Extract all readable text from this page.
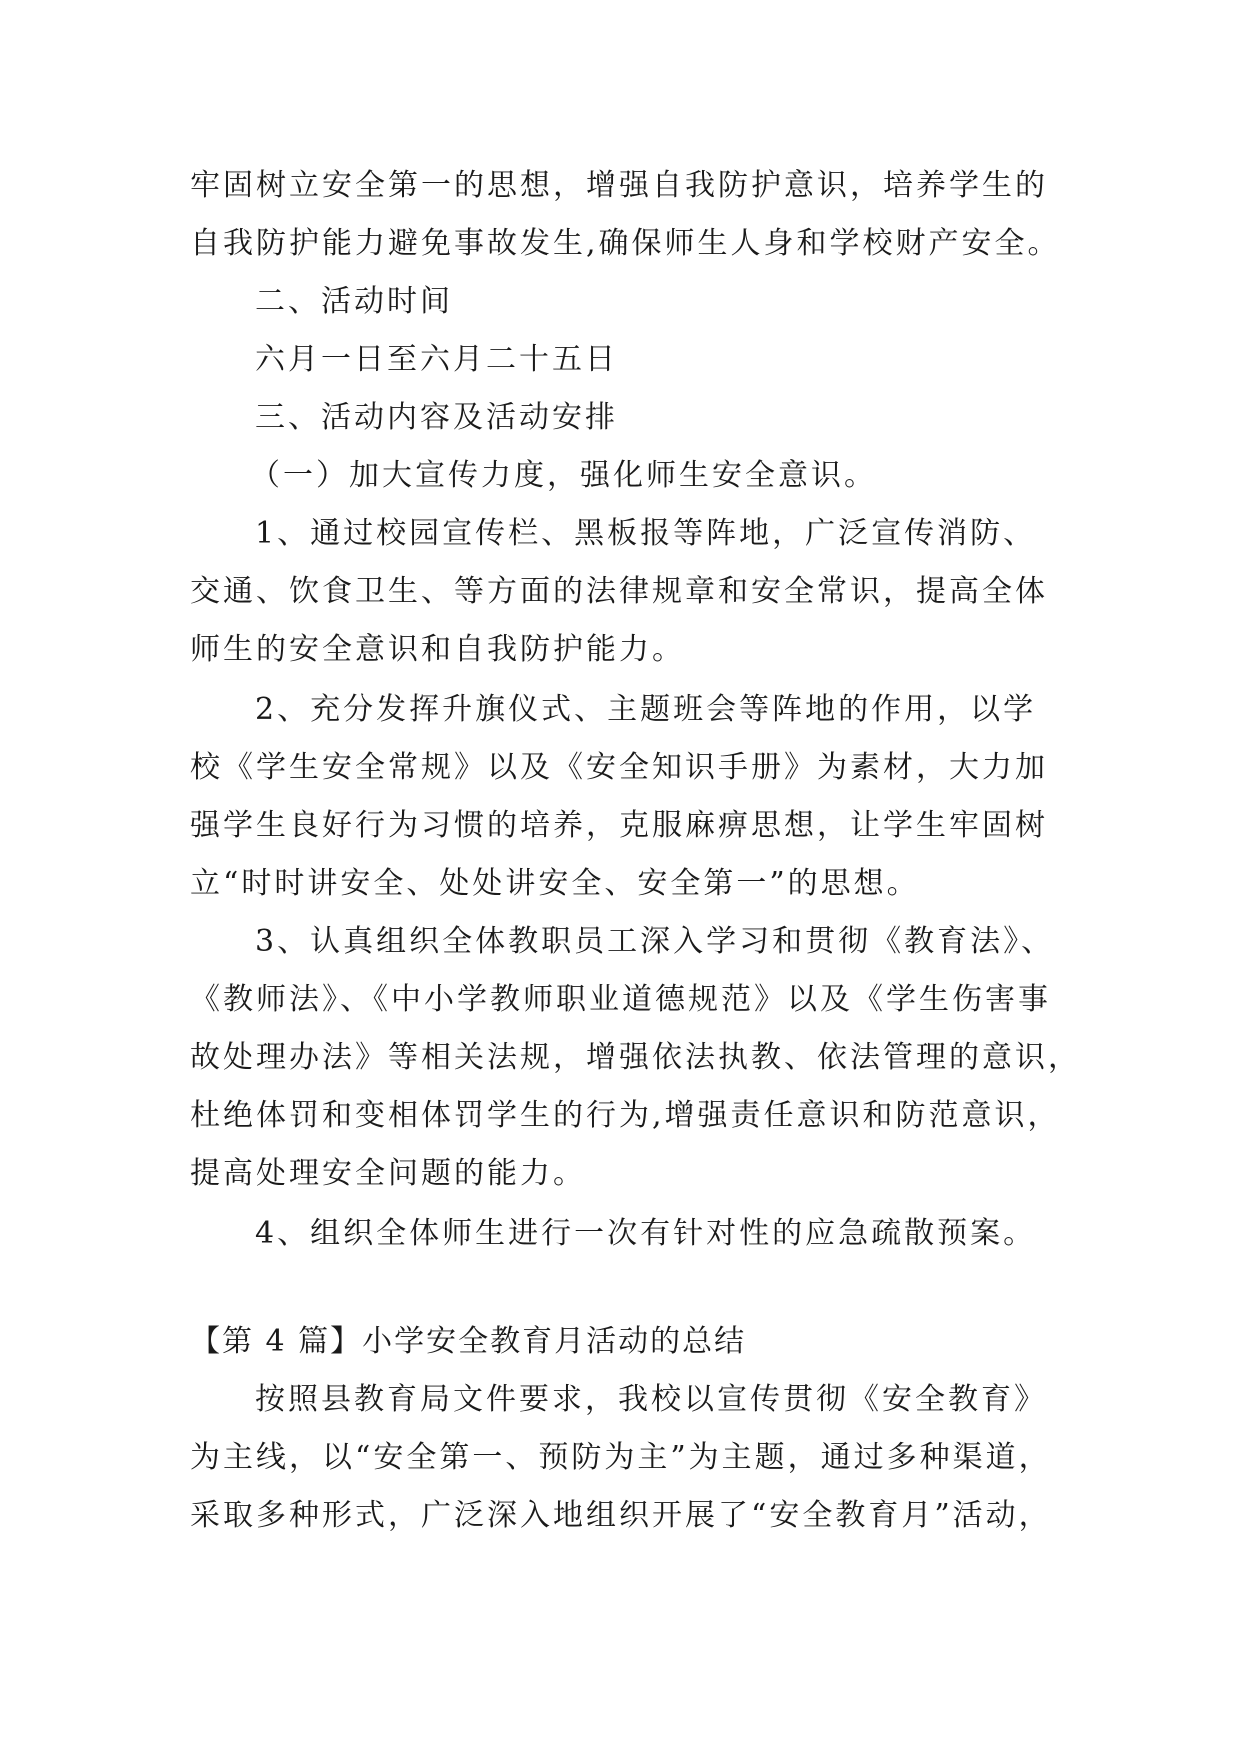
牢固树立安全第一的思想，增强自我防护意识，培养学生的
自我防护能力避免事故发生,确保师生人身和学校财产安全。
二、活动时间
六月一日至六月二十五日
三、活动内容及活动安排
（一）加大宣传力度，强化师生安全意识。
1、通过校园宣传栏、黑板报等阵地，广泛宣传消防、
交通、饮食卫生、等方面的法律规章和安全常识，提高全体
师生的安全意识和自我防护能力。
2、充分发挥升旗仪式、主题班会等阵地的作用，以学
校《学生安全常规》以及《安全知识手册》为素材，大力加
强学生良好行为习惯的培养，克服麻痹思想，让学生牢固树
立“时时讲安全、处处讲安全、安全第一”的思想。
3、认真组织全体教职员工深入学习和贯彻《教育法》、
《教师法》、《中小学教师职业道德规范》以及《学生伤害事
故处理办法》等相关法规，增强依法执教、依法管理的意识，
杜绝体罚和变相体罚学生的行为,增强责任意识和防范意识，
提高处理安全问题的能力。
4、组织全体师生进行一次有针对性的应急疏散预案。
【第 4 篇】小学安全教育月活动的总结
按照县教育局文件要求，我校以宣传贯彻《安全教育》
为主线，以“安全第一、预防为主”为主题，通过多种渠道，
采取多种形式，广泛深入地组织开展了“安全教育月”活动，
